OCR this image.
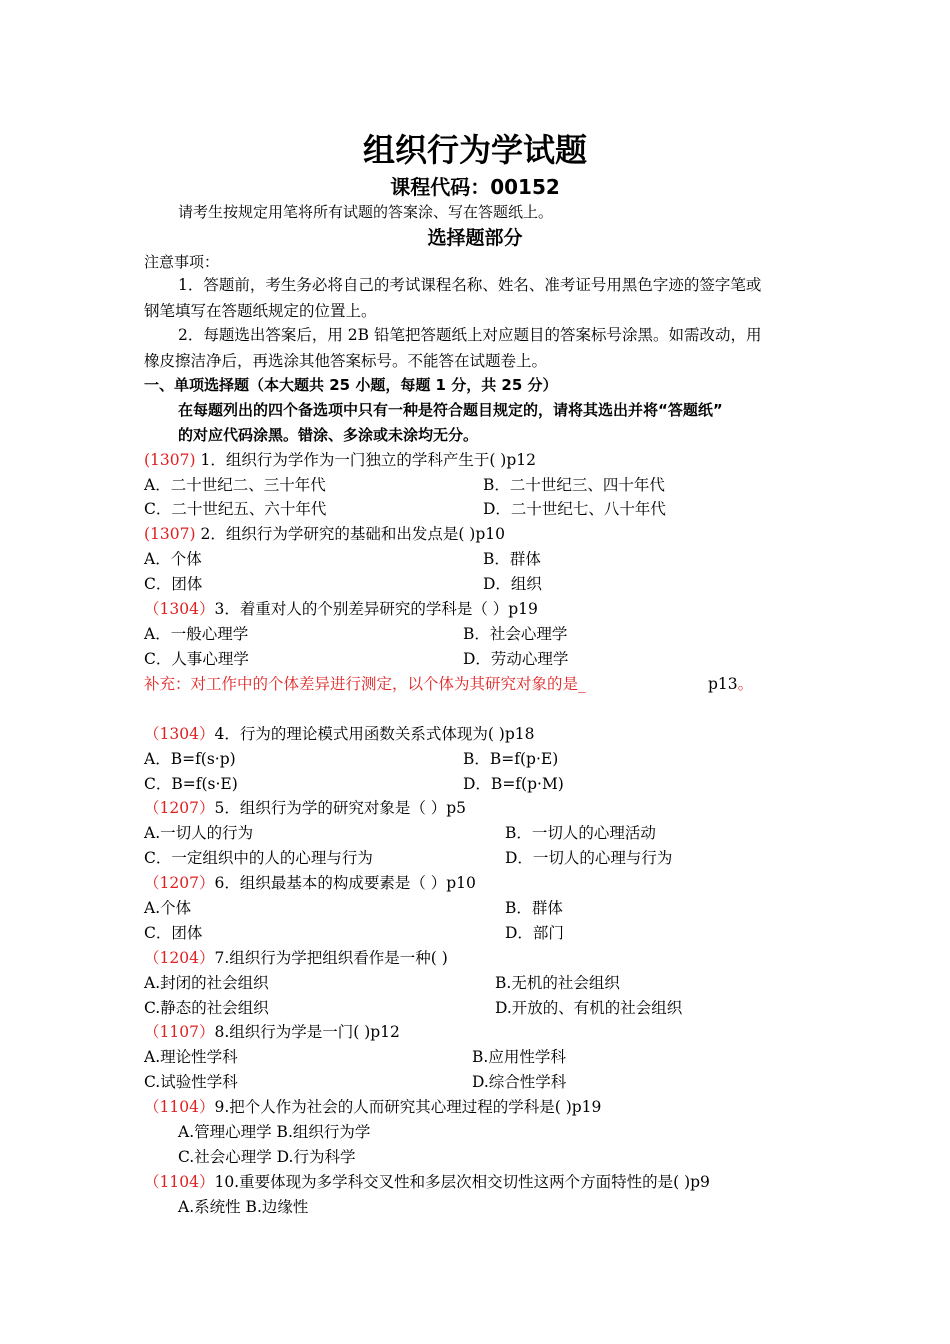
组织行为学试题
课程代码：00152
请考生按规定用笔将所有试题的答案涂、写在答题纸上。
选择题部分
注意事项：
1．答题前，考生务必将自己的考试课程名称、姓名、准考证号用黑色字迹的签字笔或
钢笔填写在答题纸规定的位置上。
2．每题选出答案后，用 2B 铅笔把答题纸上对应题目的答案标号涂黑。如需改动，用
橡皮擦洁净后，再选涂其他答案标号。不能答在试题卷上。
一、单项选择题（本大题共 25 小题，每题 1 分，共 25 分）
在每题列出的四个备选项中只有一种是符合题目规定的，请将其选出并将“答题纸”
的对应代码涂黑。错涂、多涂或未涂均无分。
(1307) 1．组织行为学作为一门独立的学科产生于( )p12
A．二十世纪二、三十年代	B．二十世纪三、四十年代
C．二十世纪五、六十年代	D．二十世纪七、八十年代
(1307) 2．组织行为学研究的基础和出发点是( )p10
A．个体	B．群体
C．团体	D．组织
（1304）3．着重对人的个别差异研究的学科是（ ）p19
A．一般心理学	B．社会心理学
C．人事心理学	D．劳动心理学
补充：对工作中的个体差异进行测定，以个体为其研究对象的是_	p13。
（1304）4．行为的理论模式用函数关系式体现为( )p18
A．B=f(s·p)	B．B=f(p·E)
C．B=f(s·E)	D．B=f(p·M)
（1207）5．组织行为学的研究对象是（ ）p5
A.一切人的行为	B．一切人的心理活动
C．一定组织中的人的心理与行为	D．一切人的心理与行为
（1207）6．组织最基本的构成要素是（ ）p10
A.个体	B．群体
C．团体	D．部门
（1204）7.组织行为学把组织看作是一种( )
A.封闭的社会组织	B.无机的社会组织
C.静态的社会组织	D.开放的、有机的社会组织
（1107）8.组织行为学是一门( )p12
A.理论性学科	B.应用性学科
C.试验性学科	D.综合性学科
（1104）9.把个人作为社会的人而研究其心理过程的学科是( )p19
A.管理心理学 B.组织行为学
C.社会心理学 D.行为科学
（1104）10.重要体现为多学科交叉性和多层次相交切性这两个方面特性的是( )p9
A.系统性 B.边缘性
